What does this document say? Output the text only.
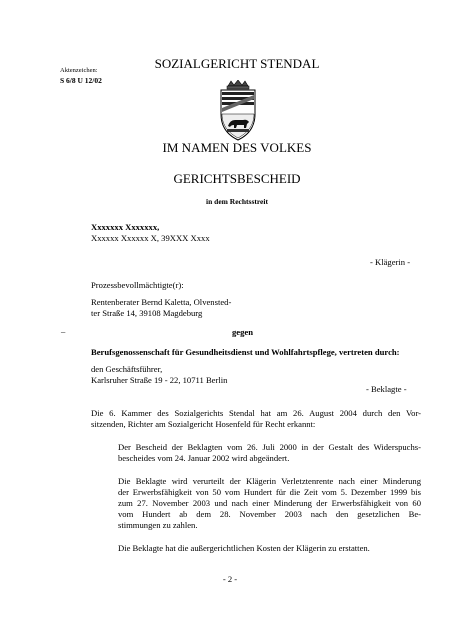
Aktenzeichen:
S 6/8 U 12/02
SOZIALGERICHT STENDAL
IM NAMEN DES VOLKES
GERICHTSBESCHEID
in dem Rechtsstreit
Xxxxxxx Xxxxxxx,
Xxxxxx Xxxxxx X, 39XXX Xxxx
- Klägerin -
Prozessbevollmächtigte(r):
Rentenberater Bernd Kaletta, Olvensted-
ter Straße 14, 39108 Magdeburg
–	gegen
Berufsgenossenschaft für Gesundheitsdienst und Wohlfahrtspflege, vertreten durch:
den Geschäftsführer,
Karlsruher Straße 19 - 22, 10711 Berlin
- Beklagte -
Die 6. Kammer des Sozialgerichts Stendal hat am 26. August 2004 durch den Vor-
sitzenden, Richter am Sozialgericht Hosenfeld für Recht erkannt:
Der Bescheid der Beklagten vom 26. Juli 2000 in der Gestalt des Widerspuchs-
bescheides vom 24. Januar 2002 wird abgeändert.
Die Beklagte wird verurteilt der Klägerin Verletztenrente nach einer Minderung
der Erwerbsfähigkeit von 50 vom Hundert für die Zeit vom 5. Dezember 1999 bis
zum 27. November 2003 und nach einer Minderung der Erwerbsfähigkeit von 60
vom Hundert ab dem 28. November 2003 nach den gesetzlichen Be-
stimmungen zu zahlen.
Die Beklagte hat die außergerichtlichen Kosten der Klägerin zu erstatten.
- 2 -
